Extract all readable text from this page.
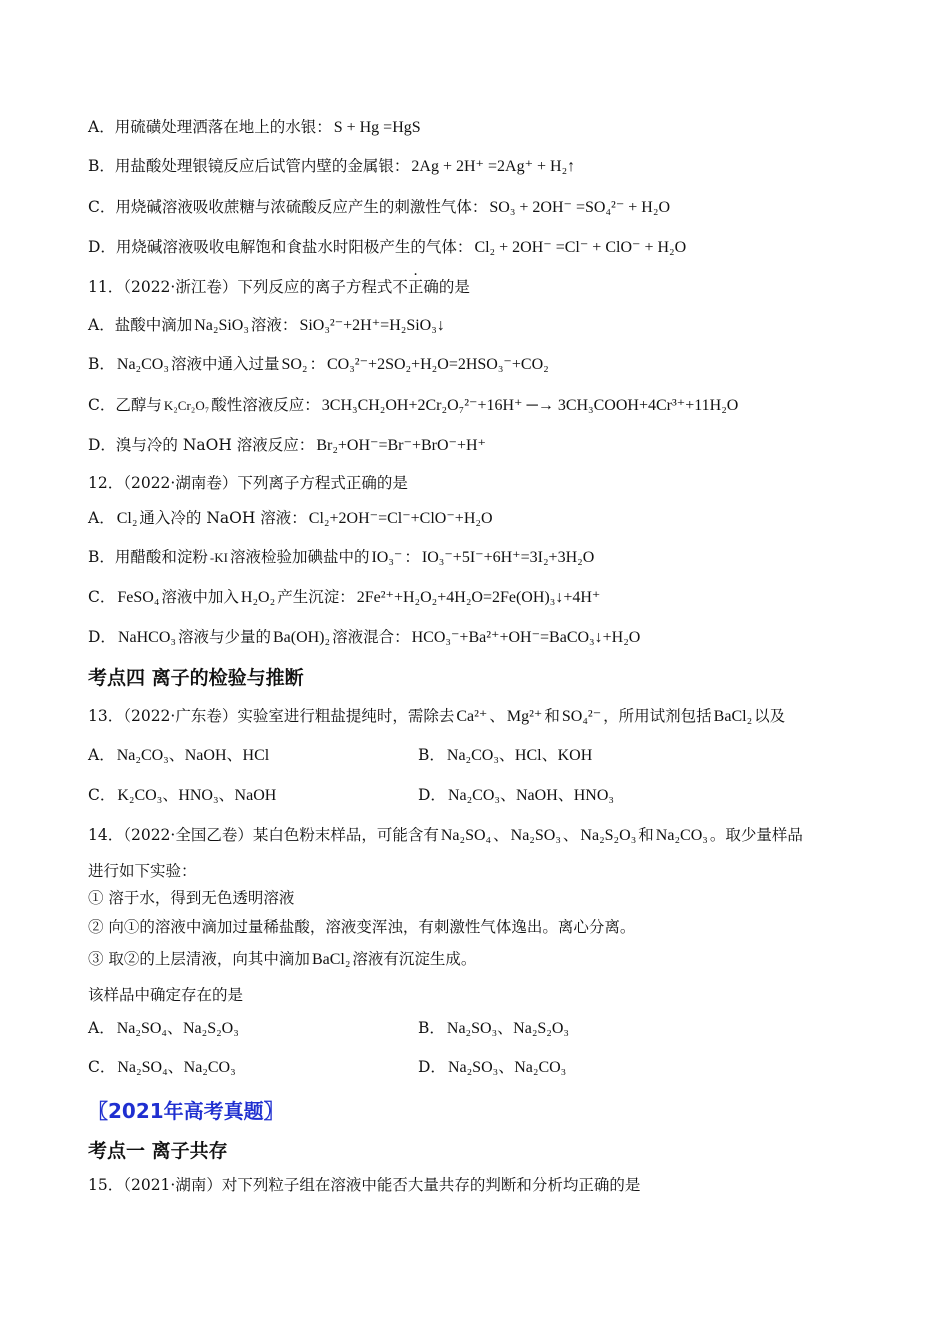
A．用硫磺处理洒落在地上的水银： S + Hg =HgS
B．用盐酸处理银镜反应后试管内壁的金属银： 2Ag + 2H⁺ =2Ag⁺ + H₂↑
C．用烧碱溶液吸收蔗糖与浓硫酸反应产生的刺激性气体： SO₃ + 2OH⁻ =SO₄²⁻ + H₂O
D．用烧碱溶液吸收电解饱和食盐水时阳极产生的气体： Cl₂ + 2OH⁻ =Cl⁻ + ClO⁻ + H₂O
11．（2022·浙江卷）下列反应的离子方程式不正确的是
A．盐酸中滴加 Na₂SiO₃ 溶液： SiO₃²⁻+2H⁺=H₂SiO₃↓
B． Na₂CO₃ 溶液中通入过量 SO₂ ： CO₃²⁻+2SO₂+H₂O=2HSO₃⁻+CO₂
C．乙醇与 K₂Cr₂O₇ 酸性溶液反应： 3CH₃CH₂OH+2Cr₂O₇²⁻+16H⁺ ─→ 3CH₃COOH+4Cr³⁺+11H₂O
D．溴与冷的 NaOH 溶液反应： Br₂+OH⁻=Br⁻+BrO⁻+H⁺
12．（2022·湖南卷）下列离子方程式正确的是
A． Cl₂ 通入冷的 NaOH 溶液： Cl₂+2OH⁻=Cl⁻+ClO⁻+H₂O
B．用醋酸和淀粉 -KI 溶液检验加碘盐中的 IO₃⁻ ： IO₃⁻+5I⁻+6H⁺=3I₂+3H₂O
C． FeSO₄ 溶液中加入 H₂O₂ 产生沉淀： 2Fe²⁺+H₂O₂+4H₂O=2Fe(OH)₃↓+4H⁺
D． NaHCO₃ 溶液与少量的 Ba(OH)₂ 溶液混合： HCO₃⁻+Ba²⁺+OH⁻=BaCO₃↓+H₂O
考点四 离子的检验与推断
13．（2022·广东卷）实验室进行粗盐提纯时，需除去 Ca²⁺ 、 Mg²⁺ 和 SO₄²⁻ ，所用试剂包括 BaCl₂ 以及
A． Na₂CO₃、NaOH、HCl	B． Na₂CO₃、HCl、KOH
C． K₂CO₃、HNO₃、NaOH	D． Na₂CO₃、NaOH、HNO₃
14．（2022·全国乙卷）某白色粉末样品，可能含有 Na₂SO₄ 、 Na₂SO₃ 、 Na₂S₂O₃ 和 Na₂CO₃ 。取少量样品
进行如下实验：
① 溶于水，得到无色透明溶液
② 向①的溶液中滴加过量稀盐酸，溶液变浑浊，有刺激性气体逸出。离心分离。
③ 取②的上层清液，向其中滴加 BaCl₂ 溶液有沉淀生成。
该样品中确定存在的是
A． Na₂SO₄、Na₂S₂O₃	B． Na₂SO₃、Na₂S₂O₃
C． Na₂SO₄、Na₂CO₃	D． Na₂SO₃、Na₂CO₃
〖2021年高考真题〗
考点一 离子共存
15．（2021·湖南）对下列粒子组在溶液中能否大量共存的判断和分析均正确的是
